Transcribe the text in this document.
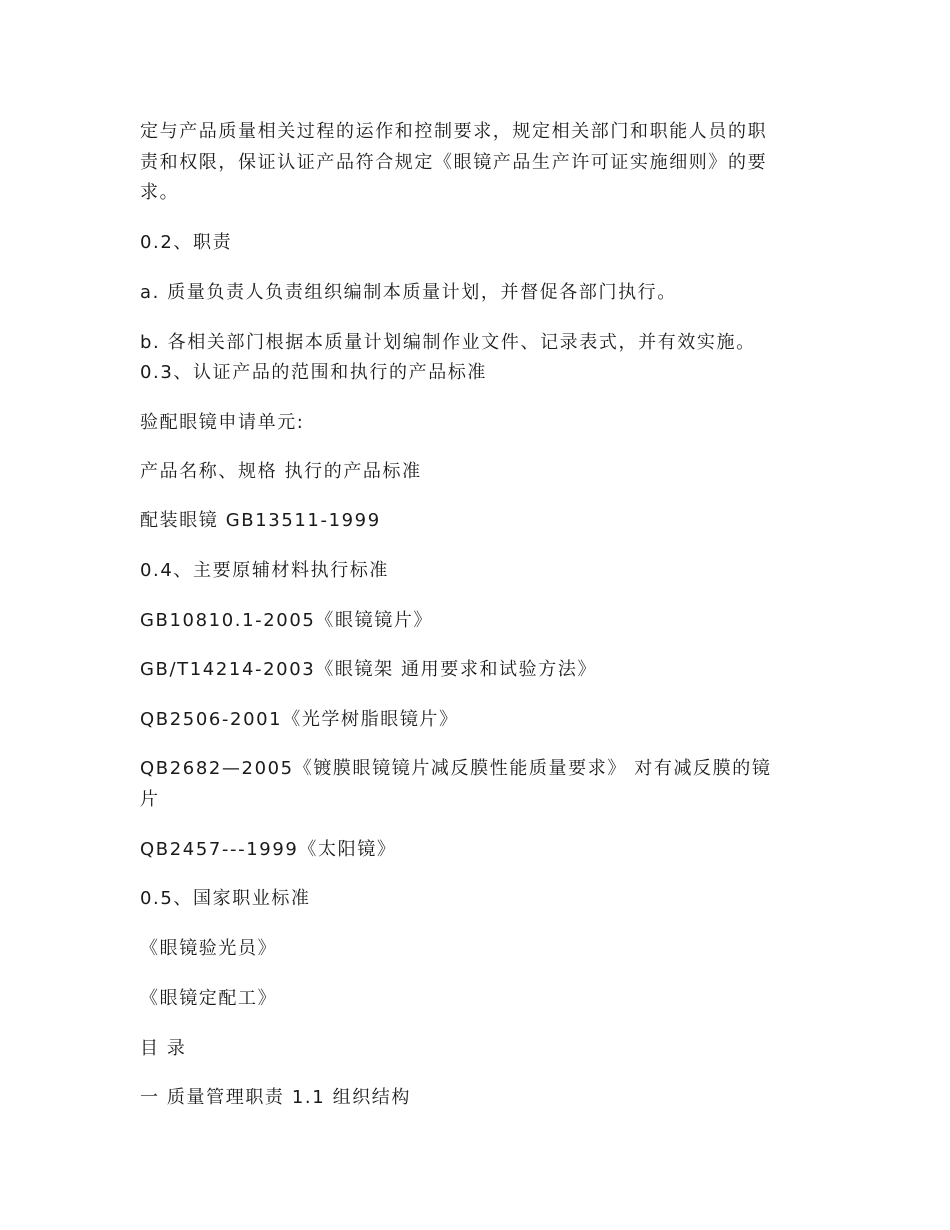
定与产品质量相关过程的运作和控制要求，规定相关部门和职能人员的职
责和权限，保证认证产品符合规定《眼镜产品生产许可证实施细则》的要
求。
0.2、职责
a. 质量负责人负责组织编制本质量计划，并督促各部门执行。
b. 各相关部门根据本质量计划编制作业文件、记录表式，并有效实施。
0.3、认证产品的范围和执行的产品标准
验配眼镜申请单元:
产品名称、规格 执行的产品标准
配装眼镜 GB13511-1999
0.4、主要原辅材料执行标准
GB10810.1-2005《眼镜镜片》
GB/T14214-2003《眼镜架 通用要求和试验方法》
QB2506-2001《光学树脂眼镜片》
QB2682—2005《镀膜眼镜镜片减反膜性能质量要求》 对有减反膜的镜
片
QB2457---1999《太阳镜》
0.5、国家职业标准
《眼镜验光员》
《眼镜定配工》
目 录
一 质量管理职责 1.1 组织结构
